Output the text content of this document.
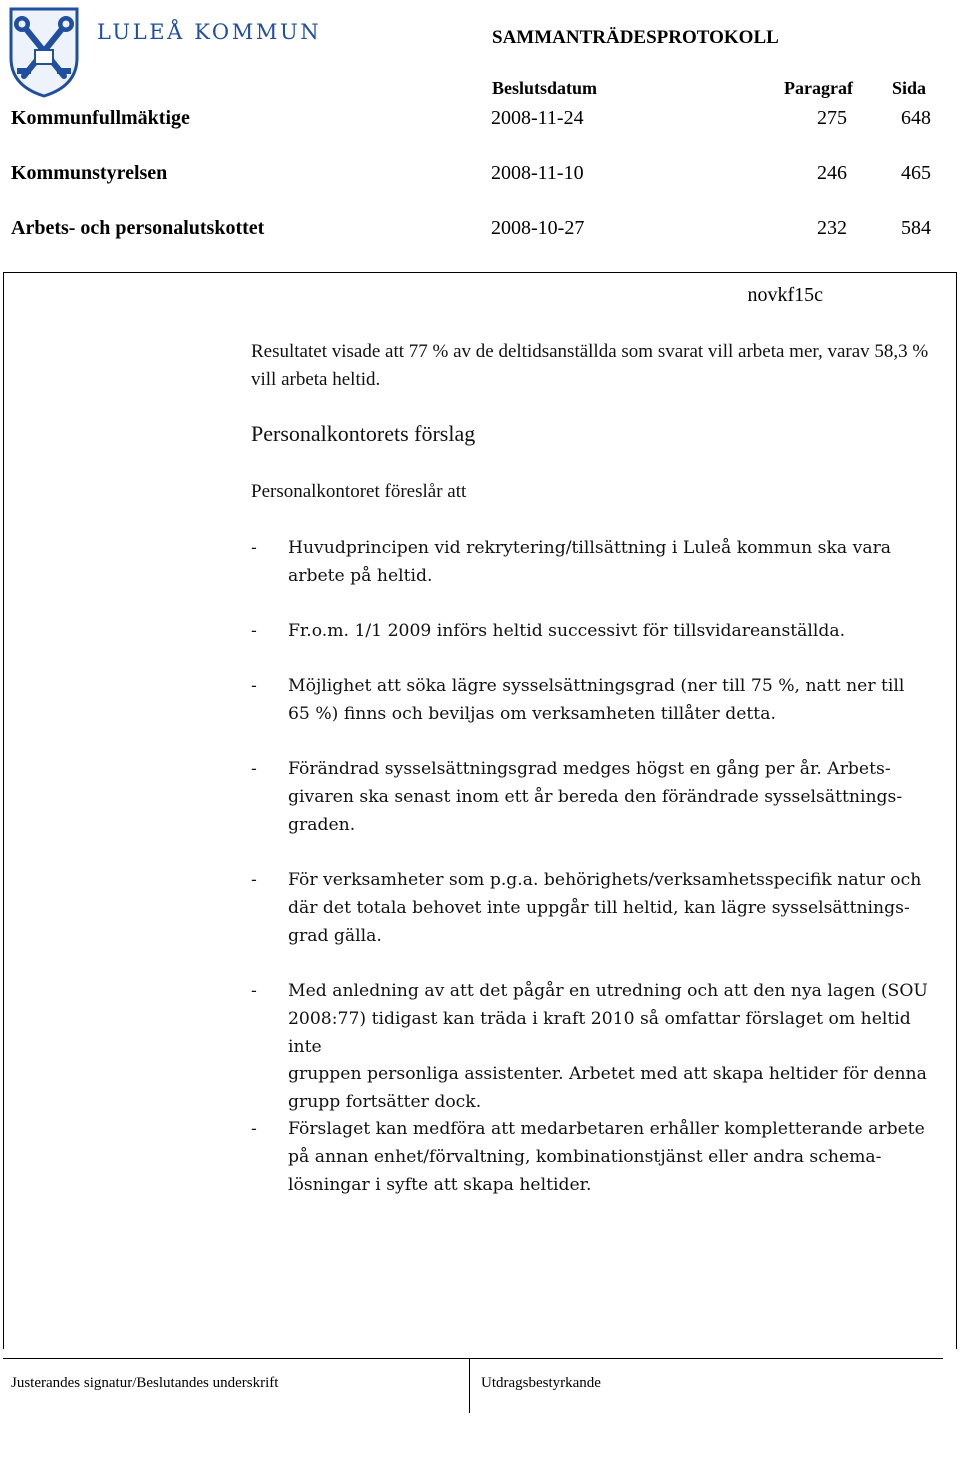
LULEÅ KOMMUN	SAMMANTRÄDESPROTOKOLL
Beslutsdatum	Paragraf Sida
Kommunfullmäktige	2008-11-24	275	648
Kommunstyrelsen	2008-11-10	246	465
Arbets- och personalutskottet	2008-10-27	232	584
novkf15c
Resultatet visade att 77 % av de deltidsanställda som svarat vill arbeta mer, varav 58,3 % vill arbeta heltid.
Personalkontorets förslag
Personalkontoret föreslår att
- Huvudprincipen vid rekrytering/tillsättning i Luleå kommun ska vara
arbete på heltid.
- Fr.o.m. 1/1 2009 införs heltid successivt för tillsvidareanställda.
- Möjlighet att söka lägre sysselsättningsgrad (ner till 75 %, natt ner till
65 %) finns och beviljas om verksamheten tillåter detta.
- Förändrad sysselsättningsgrad medges högst en gång per år. Arbets-
givaren ska senast inom ett år bereda den förändrade sysselsättnings-
graden.
- För verksamheter som p.g.a. behörighets/verksamhetsspecifik natur och
där det totala behovet inte uppgår till heltid, kan lägre sysselsättnings-
grad gälla.
- Med anledning av att det pågår en utredning och att den nya lagen (SOU
2008:77) tidigast kan träda i kraft 2010 så omfattar förslaget om heltid inte
gruppen personliga assistenter. Arbetet med att skapa heltider för denna
grupp fortsätter dock.
- Förslaget kan medföra att medarbetaren erhåller kompletterande arbete
på annan enhet/förvaltning, kombinationstjänst eller andra schema-
lösningar i syfte att skapa heltider.
Justerandes signatur/Beslutandes underskrift	Utdragsbestyrkande
